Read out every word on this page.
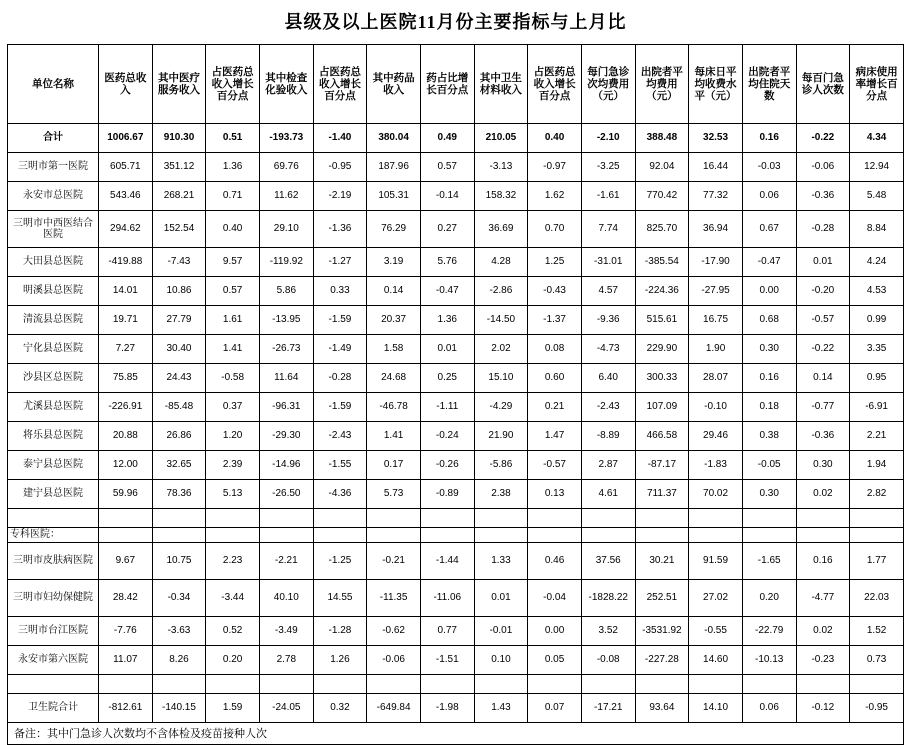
县级及以上医院11月份主要指标与上月比
单位名称	医药总收入	其中医疗服务收入	占医药总收入增长百分点	其中检查化验收入	占医药总收入增长百分点	其中药品收入	药占比增长百分点	其中卫生材料收入	占医药总收入增长百分点	每门急诊次均费用（元）	出院者平均费用（元）	每床日平均收费水平（元）	出院者平均住院天数	每百门急诊人次数	病床使用率增长百分点
合计	1006.67	910.30	0.51	-193.73	-1.40	380.04	0.49	210.05	0.40	-2.10	388.48	32.53	0.16	-0.22	4.34
三明市第一医院	605.71	351.12	1.36	69.76	-0.95	187.96	0.57	-3.13	-0.97	-3.25	92.04	16.44	-0.03	-0.06	12.94
永安市总医院	543.46	268.21	0.71	11.62	-2.19	105.31	-0.14	158.32	1.62	-1.61	770.42	77.32	0.06	-0.36	5.48
三明市中西医结合医院	294.62	152.54	0.40	29.10	-1.36	76.29	0.27	36.69	0.70	7.74	825.70	36.94	0.67	-0.28	8.84
大田县总医院	-419.88	-7.43	9.57	-119.92	-1.27	3.19	5.76	4.28	1.25	-31.01	-385.54	-17.90	-0.47	0.01	4.24
明溪县总医院	14.01	10.86	0.57	5.86	0.33	0.14	-0.47	-2.86	-0.43	4.57	-224.36	-27.95	0.00	-0.20	4.53
清流县总医院	19.71	27.79	1.61	-13.95	-1.59	20.37	1.36	-14.50	-1.37	-9.36	515.61	16.75	0.68	-0.57	0.99
宁化县总医院	7.27	30.40	1.41	-26.73	-1.49	1.58	0.01	2.02	0.08	-4.73	229.90	1.90	0.30	-0.22	3.35
沙县区总医院	75.85	24.43	-0.58	11.64	-0.28	24.68	0.25	15.10	0.60	6.40	300.33	28.07	0.16	0.14	0.95
尤溪县总医院	-226.91	-85.48	0.37	-96.31	-1.59	-46.78	-1.11	-4.29	0.21	-2.43	107.09	-0.10	0.18	-0.77	-6.91
将乐县总医院	20.88	26.86	1.20	-29.30	-2.43	1.41	-0.24	21.90	1.47	-8.89	466.58	29.46	0.38	-0.36	2.21
泰宁县总医院	12.00	32.65	2.39	-14.96	-1.55	0.17	-0.26	-5.86	-0.57	2.87	-87.17	-1.83	-0.05	0.30	1.94
建宁县总医院	59.96	78.36	5.13	-26.50	-4.36	5.73	-0.89	2.38	0.13	4.61	711.37	70.02	0.30	0.02	2.82

专科医院：															
三明市皮肤病医院	9.67	10.75	2.23	-2.21	-1.25	-0.21	-1.44	1.33	0.46	37.56	30.21	91.59	-1.65	0.16	1.77
三明市妇幼保健院	28.42	-0.34	-3.44	40.10	14.55	-11.35	-11.06	0.01	-0.04	-1828.22	252.51	27.02	0.20	-4.77	22.03
三明市台江医院	-7.76	-3.63	0.52	-3.49	-1.28	-0.62	0.77	-0.01	0.00	3.52	-3531.92	-0.55	-22.79	0.02	1.52
永安市第六医院	11.07	8.26	0.20	2.78	1.26	-0.06	-1.51	0.10	0.05	-0.08	-227.28	14.60	-10.13	-0.23	0.73

卫生院合计	-812.61	-140.15	1.59	-24.05	0.32	-649.84	-1.98	1.43	0.07	-17.21	93.64	14.10	0.06	-0.12	-0.95
备注：其中门急诊人次数均不含体检及疫苗接种人次
